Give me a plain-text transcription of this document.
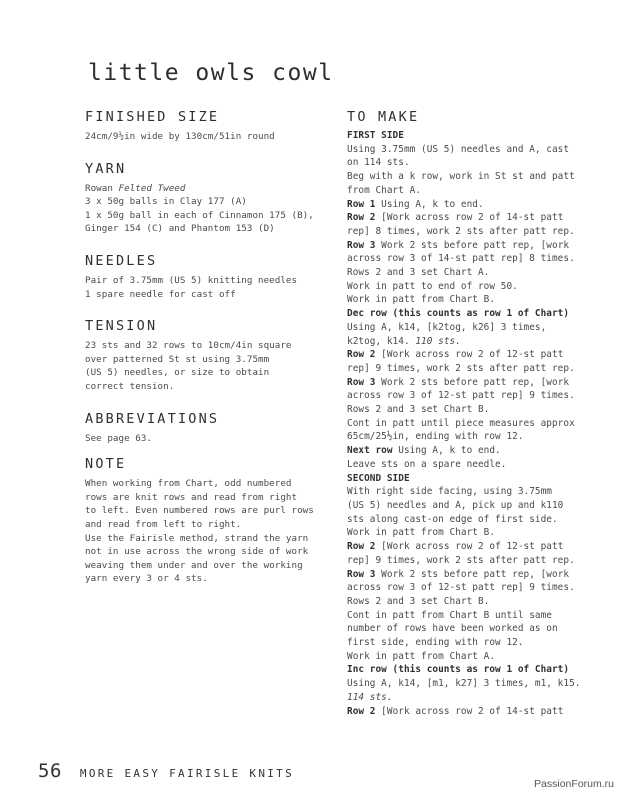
little owls cowl
FINISHED SIZE

24cm/9½in wide by 130cm/51in round

YARN

Rowan Felted Tweed

3 x 50g balls in Clay 177 (A)

1 x 50g ball in each of Cinnamon 175 (B),

Ginger 154 (C) and Phantom 153 (D)

NEEDLES

Pair of 3.75mm (US 5) knitting needles

1 spare needle for cast off

TENSION

23 sts and 32 rows to 10cm/4in square

over patterned St st using 3.75mm

(US 5) needles, or size to obtain

correct tension.

ABBREVIATIONS

See page 63.

NOTE

When working from Chart, odd numbered

rows are knit rows and read from right

to left. Even numbered rows are purl rows

and read from left to right.

Use the Fairisle method, strand the yarn

not in use across the wrong side of work

weaving them under and over the working

yarn every 3 or 4 sts.

TO MAKE

FIRST SIDE

Using 3.75mm (US 5) needles and A, cast

on 114 sts.

Beg with a k row, work in St st and patt

from Chart A.

Row 1 Using A, k to end.

Row 2 [Work across row 2 of 14-st patt

rep] 8 times, work 2 sts after patt rep.

Row 3 Work 2 sts before patt rep, [work

across row 3 of 14-st patt rep] 8 times.

Rows 2 and 3 set Chart A.

Work in patt to end of row 50.

Work in patt from Chart B.

Dec row (this counts as row 1 of Chart)

Using A, k14, [k2tog, k26] 3 times,

k2tog, k14. 110 sts.

Row 2 [Work across row 2 of 12-st patt

rep] 9 times, work 2 sts after patt rep.

Row 3 Work 2 sts before patt rep, [work

across row 3 of 12-st patt rep] 9 times.

Rows 2 and 3 set Chart B.

Cont in patt until piece measures approx

65cm/25½in, ending with row 12.

Next row Using A, k to end.

Leave sts on a spare needle.

SECOND SIDE

With right side facing, using 3.75mm

(US 5) needles and A, pick up and k110

sts along cast-on edge of first side.

Work in patt from Chart B.

Row 2 [Work across row 2 of 12-st patt

rep] 9 times, work 2 sts after patt rep.

Row 3 Work 2 sts before patt rep, [work

across row 3 of 12-st patt rep] 9 times.

Rows 2 and 3 set Chart B.

Cont in patt from Chart B until same

number of rows have been worked as on

first side, ending with row 12.

Work in patt from Chart A.

Inc row (this counts as row 1 of Chart)

Using A, k14, [m1, k27] 3 times, m1, k15.

114 sts.

Row 2 [Work across row 2 of 14-st patt

56 MORE EASY FAIRISLE KNITS
PassionForum.ru
